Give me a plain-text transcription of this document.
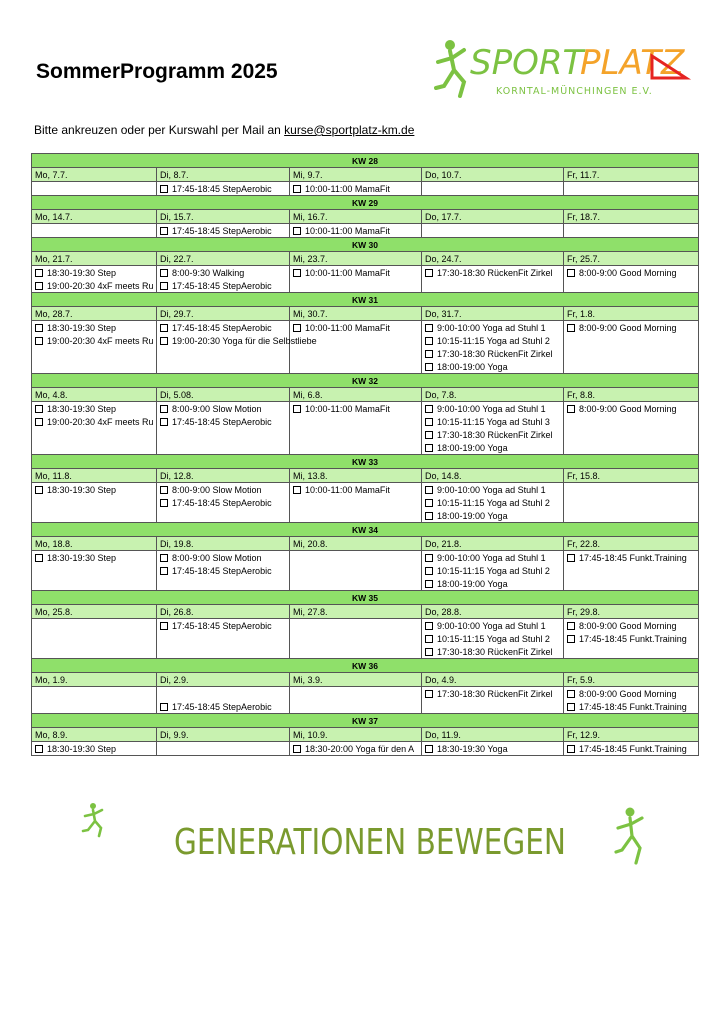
SommerProgramm 2025	SPORT
PLATZ
KORNTAL-MÜNCHINGEN E.V.
Bitte ankreuzen oder per Kurswahl per Mail an kurse@sportplatz-km.de
KW 28				
Mo, 7.7.	Di, 8.7.	Mi, 9.7.	Do, 10.7.	Fr, 11.7.
	17:45-18:45 StepAerobic	10:00-11:00 MamaFit		
KW 29				
Mo, 14.7.	Di, 15.7.	Mi, 16.7.	Do, 17.7.	Fr, 18.7.
	17:45-18:45 StepAerobic	10:00-11:00 MamaFit		
KW 30				
Mo, 21.7.	Di, 22.7.	Mi, 23.7.	Do, 24.7.	Fr, 25.7.
18:30-19:30 Step	8:00-9:30 Walking	10:00-11:00 MamaFit	17:30-18:30 RückenFit Zirkel	8:00-9:00 Good Morning
19:00-20:30 4xF meets Ru	17:45-18:45 StepAerobic			
KW 31				
Mo, 28.7.	Di, 29.7.	Mi, 30.7.	Do, 31.7.	Fr, 1.8.
18:30-19:30 Step	17:45-18:45 StepAerobic	10:00-11:00 MamaFit	9:00-10:00 Yoga ad Stuhl 1	8:00-9:00 Good Morning
19:00-20:30 4xF meets Ru	19:00-20:30 Yoga für die Selbstliebe		10:15-11:15 Yoga ad Stuhl 2	
			17:30-18:30 RückenFit Zirkel	
			18:00-19:00 Yoga	
KW 32				
Mo, 4.8.	Di, 5.08.	Mi, 6.8.	Do, 7.8.	Fr, 8.8.
18:30-19:30 Step	8:00-9:00 Slow Motion	10:00-11:00 MamaFit	9:00-10:00 Yoga ad Stuhl 1	8:00-9:00 Good Morning
19:00-20:30 4xF meets Ru	17:45-18:45 StepAerobic		10:15-11:15 Yoga ad Stuhl 3	
			17:30-18:30 RückenFit Zirkel	
			18:00-19:00 Yoga	
KW 33				
Mo, 11.8.	Di, 12.8.	Mi, 13.8.	Do, 14.8.	Fr, 15.8.
18:30-19:30 Step	8:00-9:00 Slow Motion	10:00-11:00 MamaFit	9:00-10:00 Yoga ad Stuhl 1	
	17:45-18:45 StepAerobic		10:15-11:15 Yoga ad Stuhl 2	
			18:00-19:00 Yoga	
KW 34				
Mo, 18.8.	Di, 19.8.	Mi, 20.8.	Do, 21.8.	Fr, 22.8.
18:30-19:30 Step	8:00-9:00 Slow Motion		9:00-10:00 Yoga ad Stuhl 1	17:45-18:45 Funkt.Training
	17:45-18:45 StepAerobic		10:15-11:15 Yoga ad Stuhl 2	
			18:00-19:00 Yoga	
KW 35				
Mo, 25.8.	Di, 26.8.	Mi, 27.8.	Do, 28.8.	Fr, 29.8.
	17:45-18:45 StepAerobic		9:00-10:00 Yoga ad Stuhl 1	8:00-9:00 Good Morning
			10:15-11:15 Yoga ad Stuhl 2	17:45-18:45 Funkt.Training
			17:30-18:30 RückenFit Zirkel	
KW 36				
Mo, 1.9.	Di, 2.9.	Mi, 3.9.	Do, 4.9.	Fr, 5.9.
			17:30-18:30 RückenFit Zirkel	8:00-9:00 Good Morning
	17:45-18:45 StepAerobic			17:45-18:45 Funkt.Training
KW 37				
Mo, 8.9.	Di, 9.9.	Mi, 10.9.	Do, 11.9.	Fr, 12.9.
18:30-19:30 Step		18:30-20:00 Yoga für den A	18:30-19:30 Yoga	17:45-18:45 Funkt.Training
GENERATIONEN BEWEGEN
